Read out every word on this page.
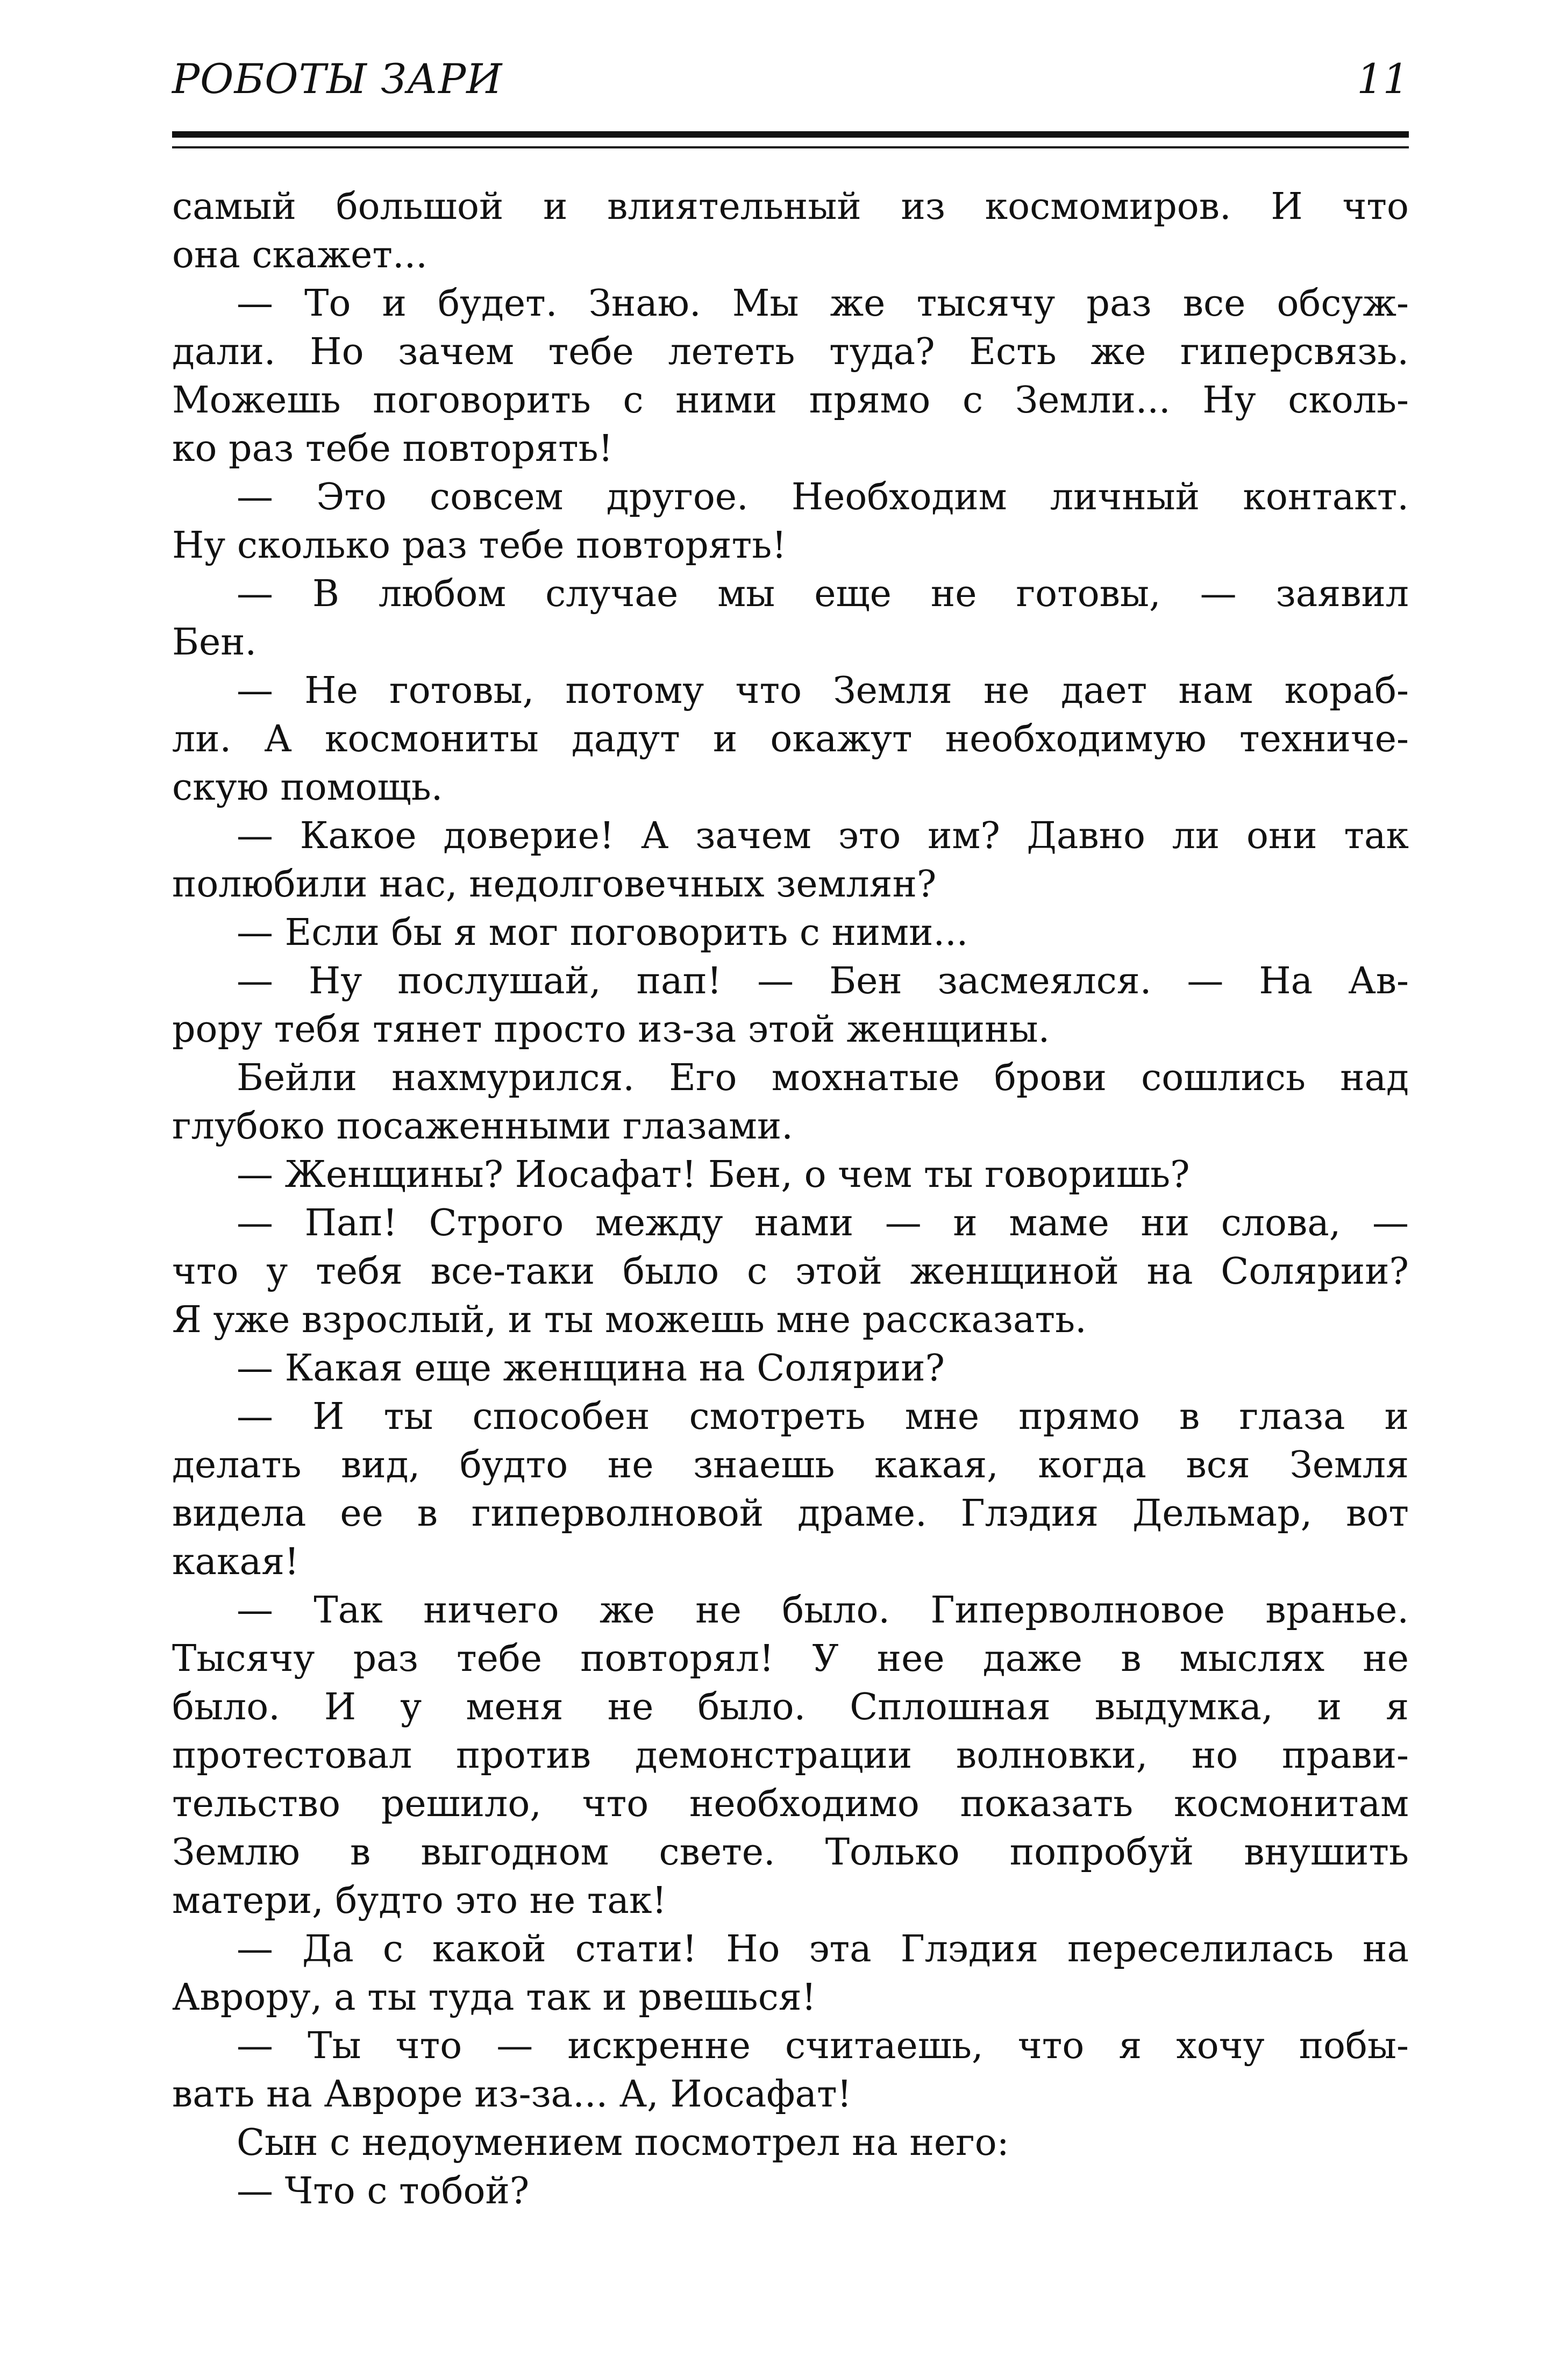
РОБОТЫ ЗАРИ	11
самый большой и влиятельный из космомиров. И что
она скажет...
— То и будет. Знаю. Мы же тысячу раз все обсуж-
дали. Но зачем тебе лететь туда? Есть же гиперсвязь.
Можешь поговорить с ними прямо с Земли... Ну сколь-
ко раз тебе повторять!
— Это совсем другое. Необходим личный контакт.
Ну сколько раз тебе повторять!
— В любом случае мы еще не готовы, — заявил
Бен.
— Не готовы, потому что Земля не дает нам кораб-
ли. А космониты дадут и окажут необходимую техниче-
скую помощь.
— Какое доверие! А зачем это им? Давно ли они так
полюбили нас, недолговечных землян?
— Если бы я мог поговорить с ними...
— Ну послушай, пап! — Бен засмеялся. — На Ав-
рору тебя тянет просто из-за этой женщины.
Бейли нахмурился. Его мохнатые брови сошлись над
глубоко посаженными глазами.
— Женщины? Иосафат! Бен, о чем ты говоришь?
— Пап! Строго между нами — и маме ни слова, —
что у тебя все-таки было с этой женщиной на Солярии?
Я уже взрослый, и ты можешь мне рассказать.
— Какая еще женщина на Солярии?
— И ты способен смотреть мне прямо в глаза и
делать вид, будто не знаешь какая, когда вся Земля
видела ее в гиперволновой драме. Глэдия Дельмар, вот
какая!
— Так ничего же не было. Гиперволновое вранье.
Тысячу раз тебе повторял! У нее даже в мыслях не
было. И у меня не было. Сплошная выдумка, и я
протестовал против демонстрации волновки, но прави-
тельство решило, что необходимо показать космонитам
Землю в выгодном свете. Только попробуй внушить
матери, будто это не так!
— Да с какой стати! Но эта Глэдия переселилась на
Аврору, а ты туда так и рвешься!
— Ты что — искренне считаешь, что я хочу побы-
вать на Авроре из-за... А, Иосафат!
Сын с недоумением посмотрел на него:
— Что с тобой?
